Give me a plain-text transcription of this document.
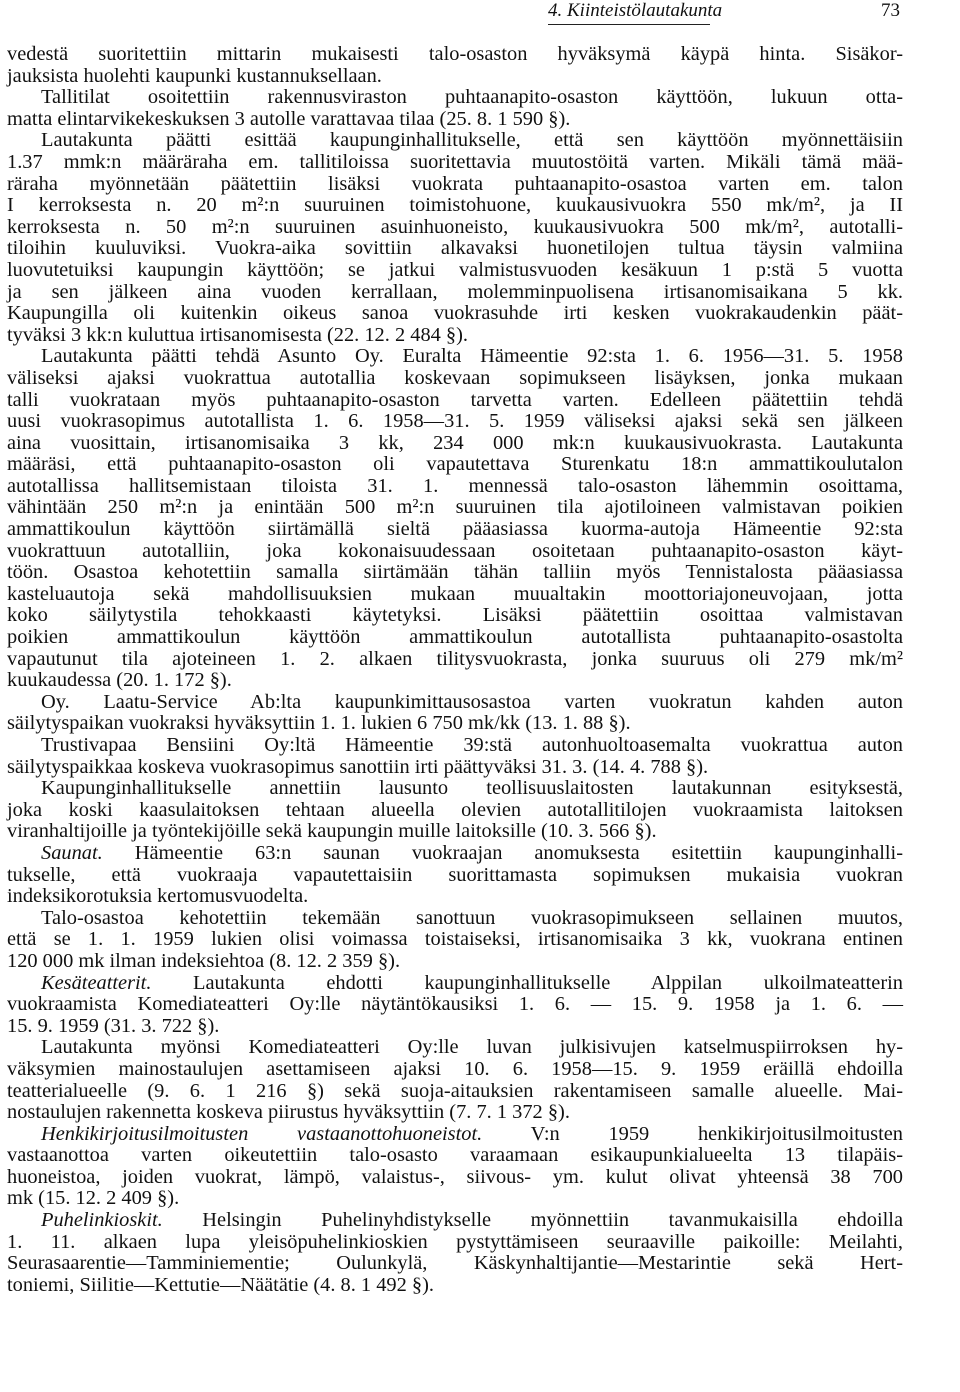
4. Kiinteistölautakunta	73
vedestä suoritettiin mittarin mukaisesti talo-osaston hyväksymä käypä hinta. Sisäkor-
jauksista huolehti kaupunki kustannuksellaan.
Tallitilat osoitettiin rakennusviraston puhtaanapito-osaston käyttöön, lukuun otta-
matta elintarvikekeskuksen 3 autolle varattavaa tilaa (25. 8. 1 590 §).
Lautakunta päätti esittää kaupunginhallitukselle, että sen käyttöön myönnettäisiin
1.37 mmk:n määräraha em. tallitiloissa suoritettavia muutostöitä varten. Mikäli tämä mää-
räraha myönnetään päätettiin lisäksi vuokrata puhtaanapito-osastoa varten em. talon
I kerroksesta n. 20 m²:n suuruinen toimistohuone, kuukausivuokra 550 mk/m², ja II
kerroksesta n. 50 m²:n suuruinen asuinhuoneisto, kuukausivuokra 500 mk/m², autotalli-
tiloihin kuuluviksi. Vuokra-aika sovittiin alkavaksi huonetilojen tultua täysin valmiina
luovutetuiksi kaupungin käyttöön; se jatkui valmistusvuoden kesäkuun 1 p:stä 5 vuotta
ja sen jälkeen aina vuoden kerrallaan, molemminpuolisena irtisanomisaikana 5 kk.
Kaupungilla oli kuitenkin oikeus sanoa vuokrasuhde irti kesken vuokrakaudenkin päät-
tyväksi 3 kk:n kuluttua irtisanomisesta (22. 12. 2 484 §).
Lautakunta päätti tehdä Asunto Oy. Euralta Hämeentie 92:sta 1. 6. 1956—31. 5. 1958
väliseksi ajaksi vuokrattua autotallia koskevaan sopimukseen lisäyksen, jonka mukaan
talli vuokrataan myös puhtaanapito-osaston tarvetta varten. Edelleen päätettiin tehdä
uusi vuokrasopimus autotallista 1. 6. 1958—31. 5. 1959 väliseksi ajaksi sekä sen jälkeen
aina vuosittain, irtisanomisaika 3 kk, 234 000 mk:n kuukausivuokrasta. Lautakunta
määräsi, että puhtaanapito-osaston oli vapautettava Sturenkatu 18:n ammattikoulutalon
autotallissa hallitsemistaan tiloista 31. 1. mennessä talo-osaston lähemmin osoittama,
vähintään 250 m²:n ja enintään 500 m²:n suuruinen tila ajotiloineen valmistavan poikien
ammattikoulun käyttöön siirtämällä sieltä pääasiassa kuorma-autoja Hämeentie 92:sta
vuokrattuun autotalliin, joka kokonaisuudessaan osoitetaan puhtaanapito-osaston käyt-
töön. Osastoa kehotettiin samalla siirtämään tähän talliin myös Tennistalosta pääasiassa
kasteluautoja sekä mahdollisuuksien mukaan muualtakin moottoriajoneuvojaan, jotta
koko säilytystila tehokkaasti käytetyksi. Lisäksi päätettiin osoittaa valmistavan
poikien ammattikoulun käyttöön ammattikoulun autotallista puhtaanapito-osastolta
vapautunut tila ajoteineen 1. 2. alkaen tilitysvuokrasta, jonka suuruus oli 279 mk/m²
kuukaudessa (20. 1. 172 §).
Oy. Laatu-Service Ab:lta kaupunkimittausosastoa varten vuokratun kahden auton
säilytyspaikan vuokraksi hyväksyttiin 1. 1. lukien 6 750 mk/kk (13. 1. 88 §).
Trustivapaa Bensiini Oy:ltä Hämeentie 39:stä autonhuoltoasemalta vuokrattua auton
säilytyspaikkaa koskeva vuokrasopimus sanottiin irti päättyväksi 31. 3. (14. 4. 788 §).
Kaupunginhallitukselle annettiin lausunto teollisuuslaitosten lautakunnan esityksestä,
joka koski kaasulaitoksen tehtaan alueella olevien autotallitilojen vuokraamista laitoksen
viranhaltijoille ja työntekijöille sekä kaupungin muille laitoksille (10. 3. 566 §).
Saunat. Hämeentie 63:n saunan vuokraajan anomuksesta esitettiin kaupunginhalli-
tukselle, että vuokraaja vapautettaisiin suorittamasta sopimuksen mukaisia vuokran
indeksikorotuksia kertomusvuodelta.
Talo-osastoa kehotettiin tekemään sanottuun vuokrasopimukseen sellainen muutos,
että se 1. 1. 1959 lukien olisi voimassa toistaiseksi, irtisanomisaika 3 kk, vuokrana entinen
120 000 mk ilman indeksiehtoa (8. 12. 2 359 §).
Kesäteatterit. Lautakunta ehdotti kaupunginhallitukselle Alppilan ulkoilmateatterin
vuokraamista Komediateatteri Oy:lle näytäntökausiksi 1. 6. — 15. 9. 1958 ja 1. 6. —
15. 9. 1959 (31. 3. 722 §).
Lautakunta myönsi Komediateatteri Oy:lle luvan julkisivujen katselmuspiirroksen hy-
väksymien mainostaulujen asettamiseen ajaksi 10. 6. 1958—15. 9. 1959 eräillä ehdoilla
teatterialueelle (9. 6. 1 216 §) sekä suoja-aitauksien rakentamiseen samalle alueelle. Mai-
nostaulujen rakennetta koskeva piirustus hyväksyttiin (7. 7. 1 372 §).
Henkikirjoitusilmoitusten vastaanottohuoneistot. V:n 1959 henkikirjoitusilmoitusten
vastaanottoa varten oikeutettiin talo-osasto varaamaan esikaupunkialueelta 13 tilapäis-
huoneistoa, joiden vuokrat, lämpö, valaistus-, siivous- ym. kulut olivat yhteensä 38 700
mk (15. 12. 2 409 §).
Puhelinkioskit. Helsingin Puhelinyhdistykselle myönnettiin tavanmukaisilla ehdoilla
1. 11. alkaen lupa yleisöpuhelinkioskien pystyttämiseen seuraaville paikoille: Meilahti,
Seurasaarentie—Tamminiementie; Oulunkylä, Käskynhaltijantie—Mestarintie sekä Hert-
toniemi, Siilitie—Kettutie—Näätätie (4. 8. 1 492 §).
